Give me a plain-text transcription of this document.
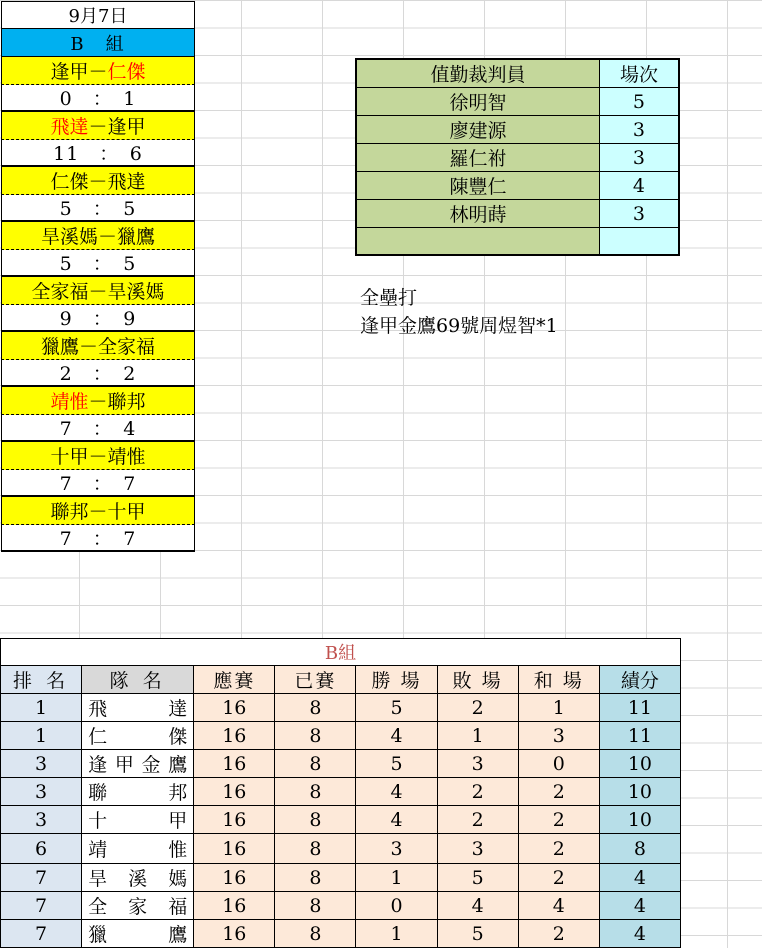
9月7日
B　組
逢甲 － 仁傑
0　：　1
飛達 － 逢甲
11　：　6
仁傑 － 飛達
5　：　5
旱溪媽 － 獵鷹
5　：　5
全家福 － 旱溪媽
9　：　9
獵鷹 － 全家福
2　：　2
靖惟 － 聯邦
7　：　4
十甲 － 靖惟
7　：　7
聯邦 － 十甲
7　：　7
值勤裁判員	場次
徐明智	5
廖建源	3
羅仁祔	3
陳豐仁	4
林明蒔	3

全壘打
逢甲金鷹69號周煜智*1
B組							
排 名	隊 名	應賽	已賽	勝 場	敗 場	和 場	績分
1	飛 達	16	8	5	2	1	11
1	仁 傑	16	8	4	1	3	11
3	逢 甲 金 鷹	16	8	5	3	0	10
3	聯 邦	16	8	4	2	2	10
3	十 甲	16	8	4	2	2	10
6	靖 惟	16	8	3	3	2	8
7	旱 溪 媽	16	8	1	5	2	4
7	全 家 福	16	8	0	4	4	4
7	獵 鷹	16	8	1	5	2	4
